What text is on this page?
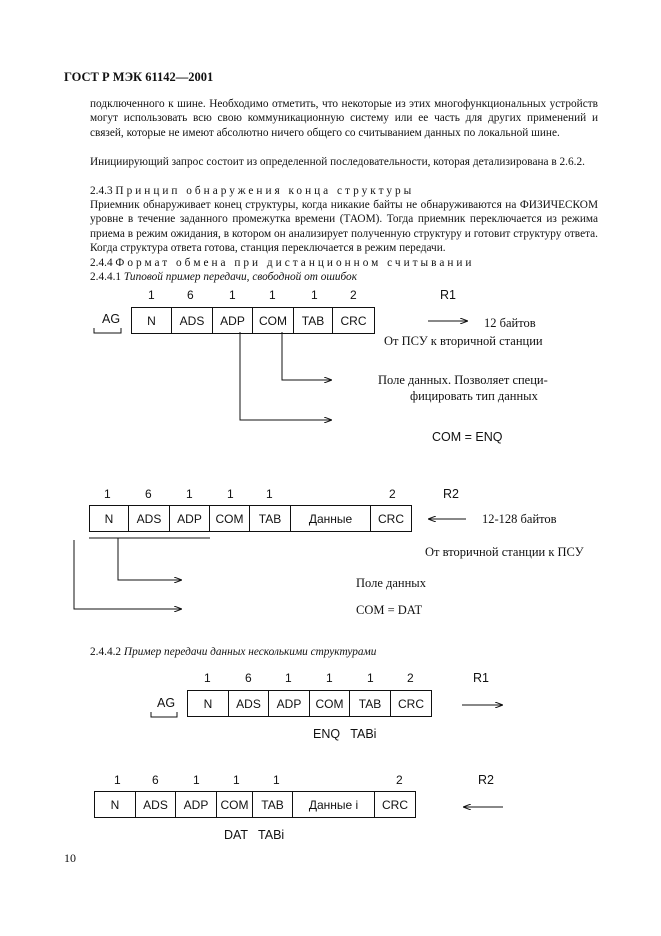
ГОСТ Р МЭК 61142—2001
подключенного к шине. Необходимо отметить, что некоторые из этих многофункциональных устройств могут использовать всю свою коммуникационную систему или ее часть для других применений и связей, которые не имеют абсолютно ничего общего со считыванием данных по локальной шине.
Инициирующий запрос состоит из определенной последовательности, которая детализирована в 2.6.2.
2.4.3 Принцип обнаружения конца структуры
Приемник обнаруживает конец структуры, когда никакие байты не обнаруживаются на ФИЗИЧЕСКОМ уровне в течение заданного промежутка времени (ТАОМ). Тогда приемник переключается из режима приема в режим ожидания, в котором он анализирует полученную структуру и готовит структуру ответа. Когда структура ответа готова, станция переключается в режим передачи.
2.4.4 Формат обмена при дистанционном считывании
2.4.4.1 Типовой пример передачи, свободной от ошибок
1	6	1	1	1	2
AG	N	ADS	ADP	COM	TAB	CRC
R1
12 байтов
От ПСУ к вторичной станции
Поле данных. Позволяет специ-
фицировать тип данных
COM = ENQ
1	6	1	1	1	2
N	ADS	ADP	COM	TAB	Данные	CRC
R2
12-128 байтов
От вторичной станции к ПСУ
Поле данных
COM = DAT
2.4.4.2 Пример передачи данных несколькими структурами
1	6	1	1	1	2
AG	N	ADS	ADP	COM	TAB	CRC
R1
ENQ   TABi
1	6	1	1	1	2
N	ADS	ADP	COM	TAB	Данные i	CRC
R2
DAT   TABi
10
